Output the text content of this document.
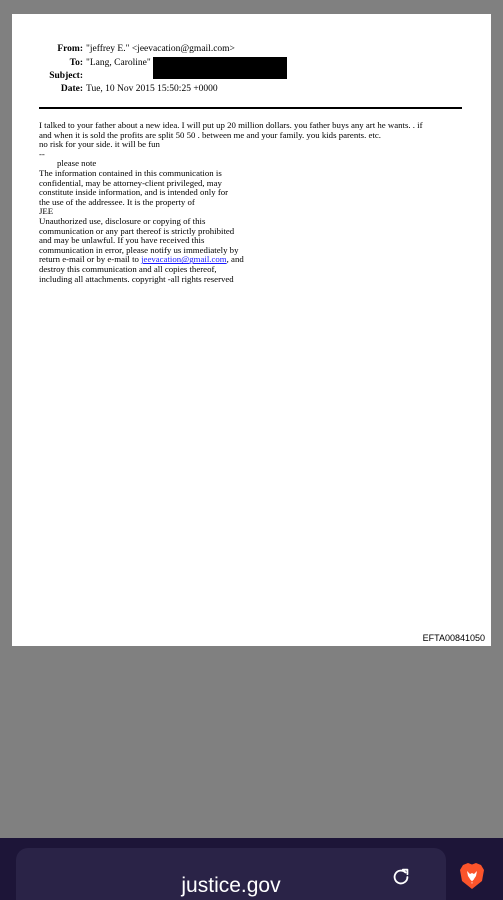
From: "jeffrey E." <jeevacation@gmail.com>
To: "Lang, Caroline"
Subject:
Date: Tue, 10 Nov 2015 15:50:25 +0000
I talked to your father about a new idea. I will put up 20 million dollars. you father buys any art he wants. . if
and when it is sold the profits are split 50 50 . between me and your family. you kids parents. etc.
no risk for your side. it will be fun
--
please note
The information contained in this communication is
confidential, may be attorney-client privileged, may
constitute inside information, and is intended only for
the use of the addressee. It is the property of
JEE
Unauthorized use, disclosure or copying of this
communication or any part thereof is strictly prohibited
and may be unlawful. If you have received this
communication in error, please notify us immediately by
return e-mail or by e-mail to jeevacation@gmail.com, and
destroy this communication and all copies thereof,
including all attachments. copyright -all rights reserved
EFTA00841050
justice.gov
